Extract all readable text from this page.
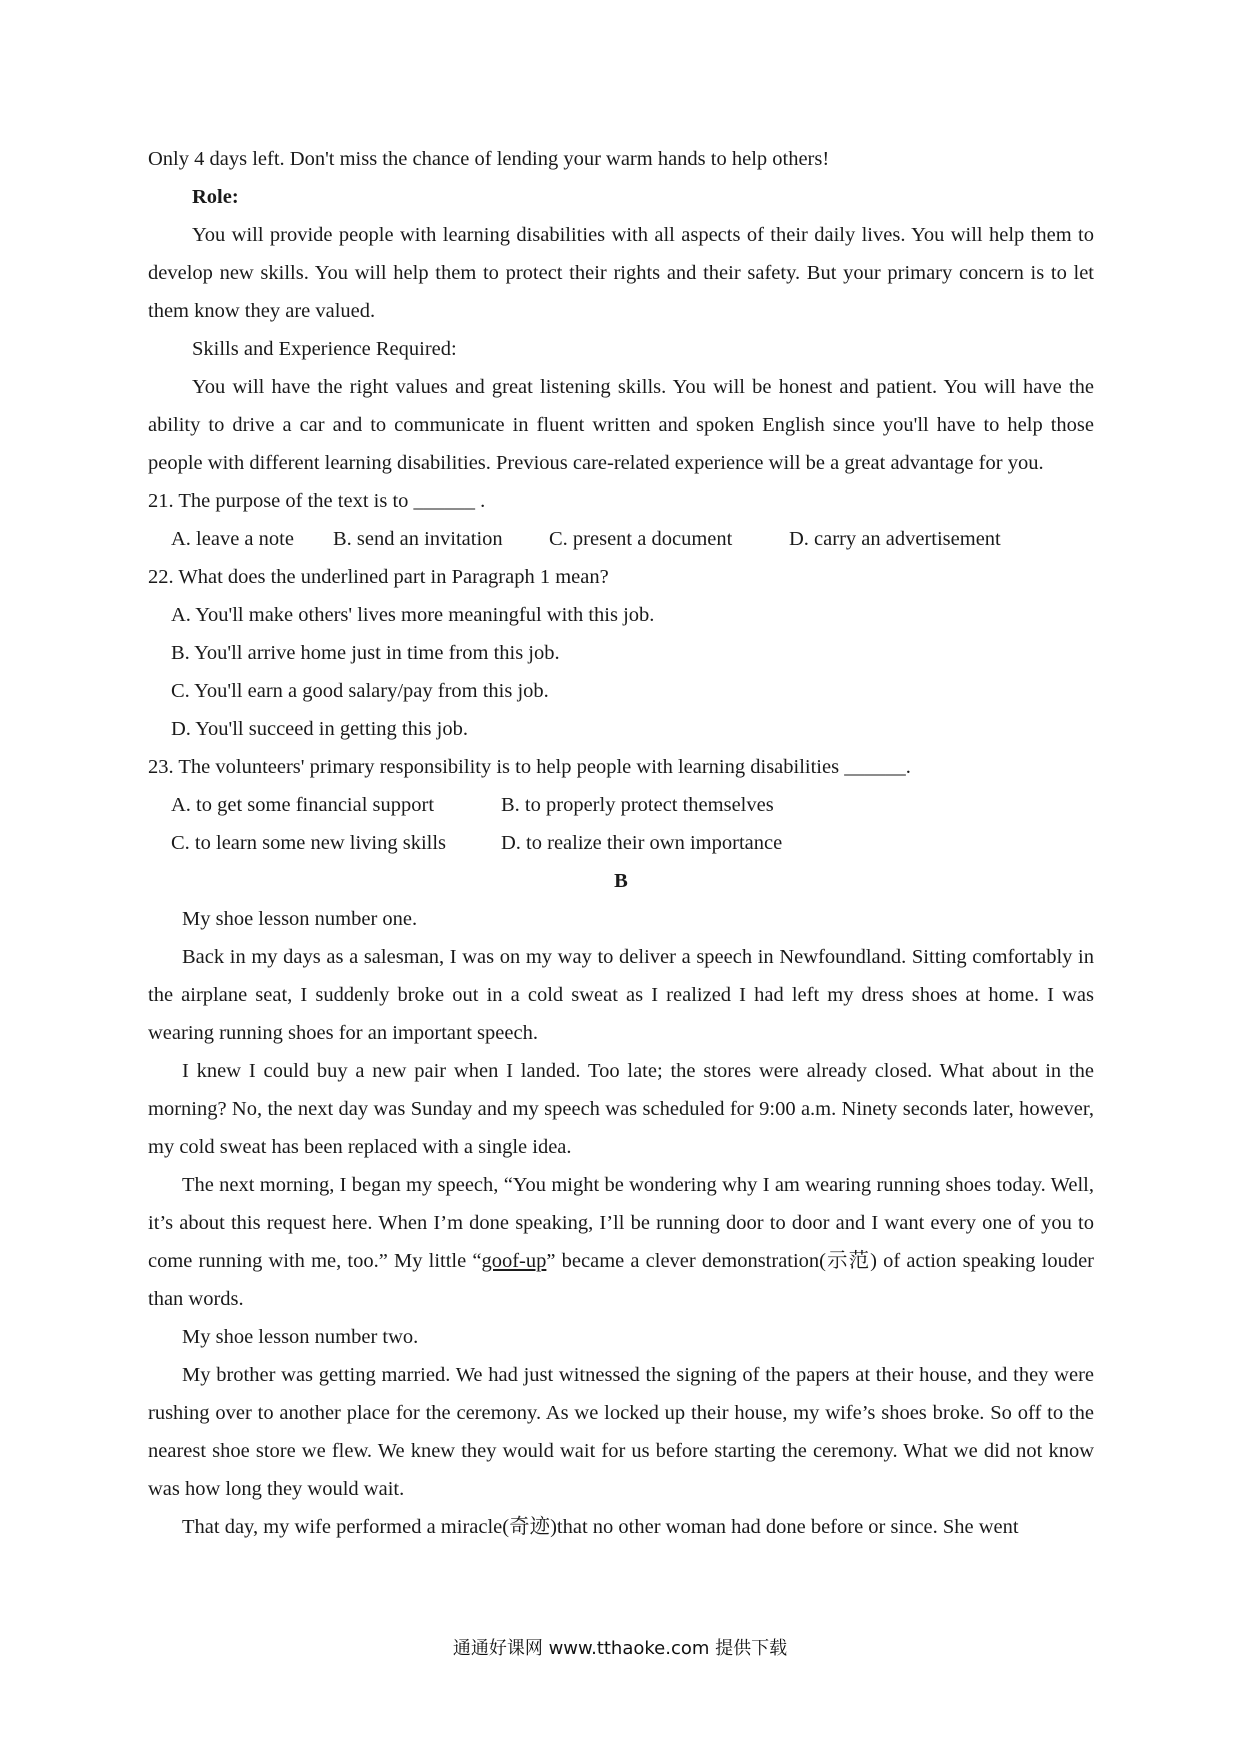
Only 4 days left. Don't miss the chance of lending your warm hands to help others!

Role:

You will provide people with learning disabilities with all aspects of their daily lives. You will help them to develop new skills. You will help them to protect their rights and their safety. But your primary concern is to let them know they are valued.

Skills and Experience Required:

You will have the right values and great listening skills. You will be honest and patient. You will have the ability to drive a car and to communicate in fluent written and spoken English since you'll have to help those people with different learning disabilities. Previous care-related experience will be a great advantage for you.

21. The purpose of the text is to ______ .

A. leave a note	B. send an invitation	C. present a document	D. carry an advertisement

22. What does the underlined part in Paragraph 1 mean?

A. You'll make others' lives more meaningful with this job.

B. You'll arrive home just in time from this job.

C. You'll earn a good salary/pay from this job.

D. You'll succeed in getting this job.

23. The volunteers' primary responsibility is to help people with learning disabilities ______.

A. to get some financial support	B. to properly protect themselves
C. to learn some new living skills	D. to realize their own importance

B

My shoe lesson number one.

Back in my days as a salesman, I was on my way to deliver a speech in Newfoundland. Sitting comfortably in the airplane seat, I suddenly broke out in a cold sweat as I realized I had left my dress shoes at home. I was wearing running shoes for an important speech.

I knew I could buy a new pair when I landed. Too late; the stores were already closed. What about in the morning? No, the next day was Sunday and my speech was scheduled for 9:00 a.m. Ninety seconds later, however, my cold sweat has been replaced with a single idea.

The next morning, I began my speech, “You might be wondering why I am wearing running shoes today. Well, it’s about this request here. When I’m done speaking, I’ll be running door to door and I want every one of you to come running with me, too.” My little “goof-up” became a clever demonstration(示范) of action speaking louder than words.

My shoe lesson number two.

My brother was getting married. We had just witnessed the signing of the papers at their house, and they were rushing over to another place for the ceremony. As we locked up their house, my wife’s shoes broke. So off to the nearest shoe store we flew. We knew they would wait for us before starting the ceremony. What we did not know was how long they would wait.

That day, my wife performed a miracle(奇迹)that no other woman had done before or since. She went

通通好课网 www.tthaoke.com 提供下载
